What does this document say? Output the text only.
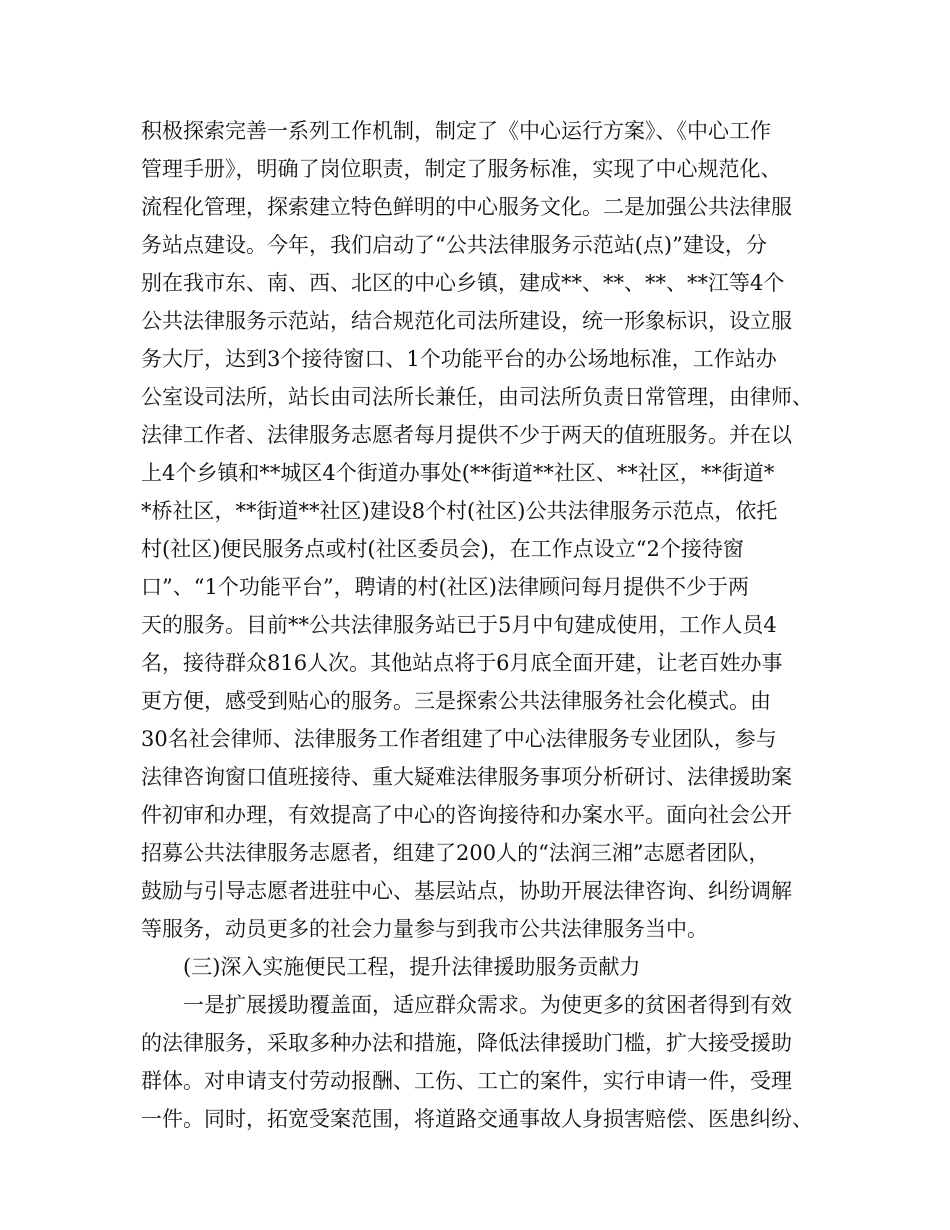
积极探索完善一系列工作机制，制定了《中心运行方案》、《中心工作
管理手册》，明确了岗位职责，制定了服务标准，实现了中心规范化、
流程化管理，探索建立特色鲜明的中心服务文化。二是加强公共法律服
务站点建设。今年，我们启动了“公共法律服务示范站(点)”建设，分
别在我市东、南、西、北区的中心乡镇，建成**、**、**、**江等4个
公共法律服务示范站，结合规范化司法所建设，统一形象标识，设立服
务大厅，达到3个接待窗口、1个功能平台的办公场地标准，工作站办
公室设司法所，站长由司法所长兼任，由司法所负责日常管理，由律师、
法律工作者、法律服务志愿者每月提供不少于两天的值班服务。并在以
上4个乡镇和**城区4个街道办事处(**街道**社区、**社区，**街道*
*桥社区，**街道**社区)建设8个村(社区)公共法律服务示范点，依托
村(社区)便民服务点或村(社区委员会)，在工作点设立“2个接待窗
口”、“1个功能平台”，聘请的村(社区)法律顾问每月提供不少于两
天的服务。目前**公共法律服务站已于5月中旬建成使用，工作人员4
名，接待群众816人次。其他站点将于6月底全面开建，让老百姓办事
更方便，感受到贴心的服务。三是探索公共法律服务社会化模式。由
30名社会律师、法律服务工作者组建了中心法律服务专业团队，参与
法律咨询窗口值班接待、重大疑难法律服务事项分析研讨、法律援助案
件初审和办理，有效提高了中心的咨询接待和办案水平。面向社会公开
招募公共法律服务志愿者，组建了200人的“法润三湘”志愿者团队，
鼓励与引导志愿者进驻中心、基层站点，协助开展法律咨询、纠纷调解
等服务，动员更多的社会力量参与到我市公共法律服务当中。
(三)深入实施便民工程，提升法律援助服务贡献力
一是扩展援助覆盖面，适应群众需求。为使更多的贫困者得到有效
的法律服务，采取多种办法和措施，降低法律援助门槛，扩大接受援助
群体。对申请支付劳动报酬、工伤、工亡的案件，实行申请一件，受理
一件。同时，拓宽受案范围，将道路交通事故人身损害赔偿、医患纠纷、
